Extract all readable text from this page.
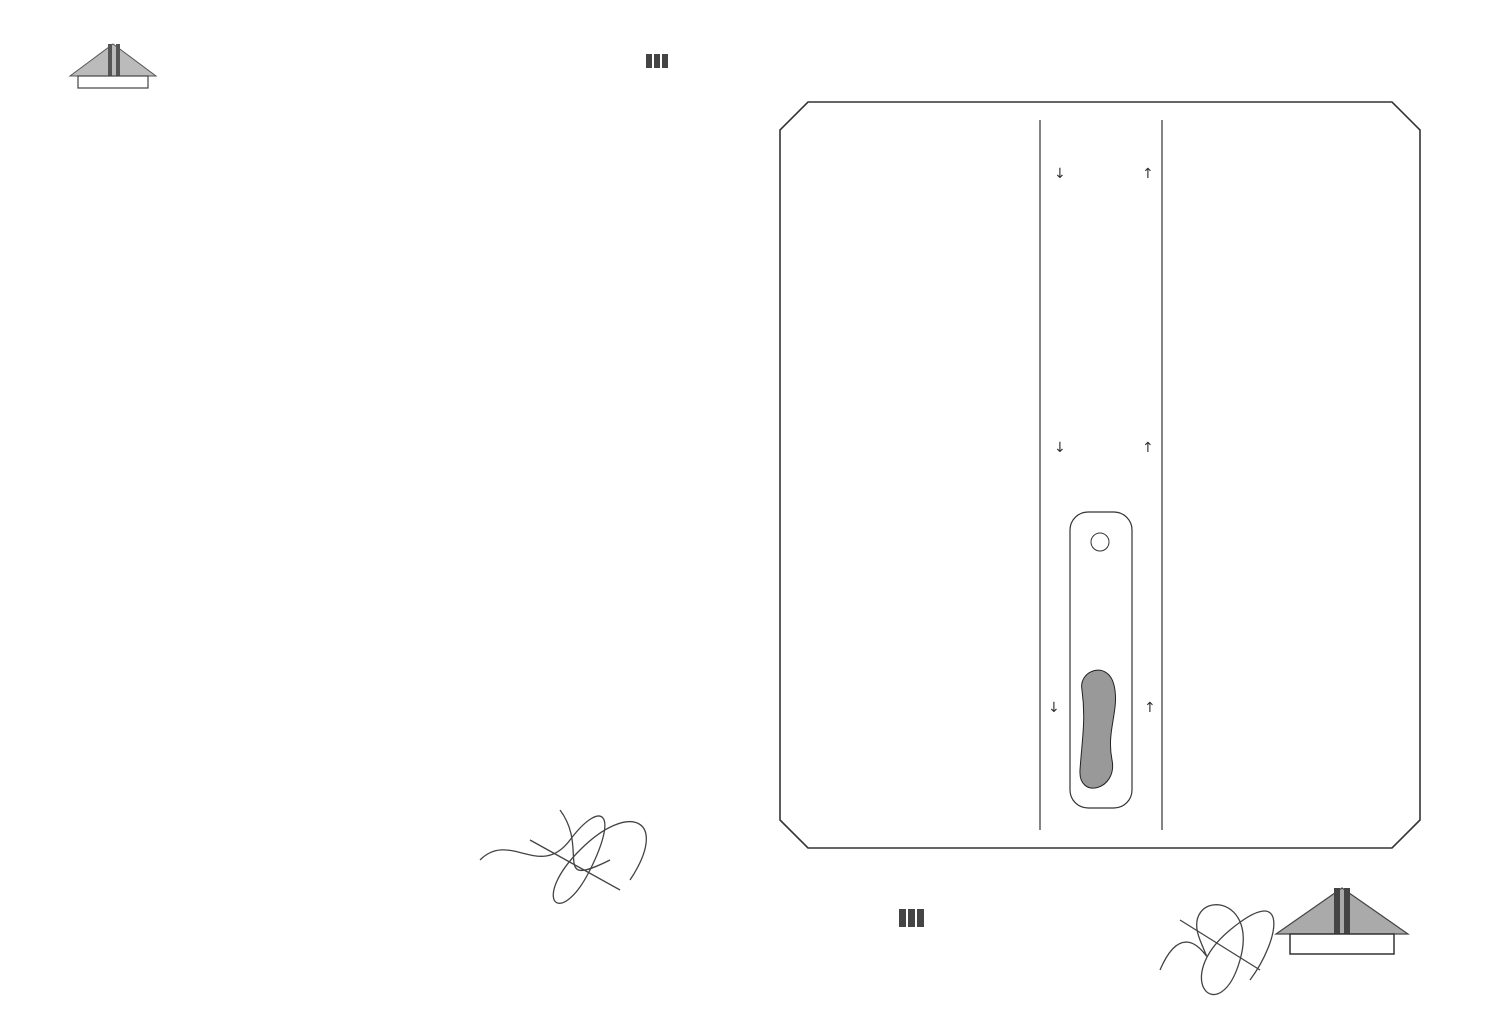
↓	↑
↓	↑
↓	↑
